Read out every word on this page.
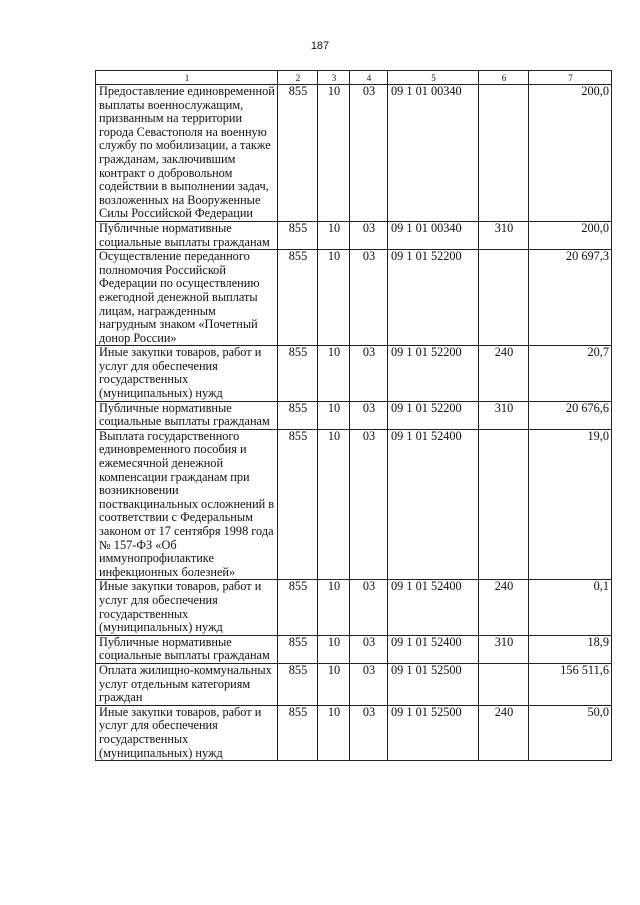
187
1	2	3	4	5	6	7
Предоставление единовременной выплаты военнослужащим, призванным на территории города Севастополя на военную службу по мобилизации, а также гражданам, заключившим контракт о добровольном содействии в выполнении задач, возложенных на Вооруженные Силы Российской Федерации	855	10	03	09 1 01 00340		200,0
Публичные нормативные социальные выплаты гражданам	855	10	03	09 1 01 00340	310	200,0
Осуществление переданного полномочия Российской Федерации по осуществлению ежегодной денежной выплаты лицам, награжденным нагрудным знаком «Почетный донор России»	855	10	03	09 1 01 52200		20 697,3
Иные закупки товаров, работ и услуг для обеспечения государственных (муниципальных) нужд	855	10	03	09 1 01 52200	240	20,7
Публичные нормативные социальные выплаты гражданам	855	10	03	09 1 01 52200	310	20 676,6
Выплата государственного единовременного пособия и ежемесячной денежной компенсации гражданам при возникновении поствакцинальных осложнений в соответствии с Федеральным законом от 17 сентября 1998 года № 157-ФЗ «Об иммунопрофилактике инфекционных болезней»	855	10	03	09 1 01 52400		19,0
Иные закупки товаров, работ и услуг для обеспечения государственных (муниципальных) нужд	855	10	03	09 1 01 52400	240	0,1
Публичные нормативные социальные выплаты гражданам	855	10	03	09 1 01 52400	310	18,9
Оплата жилищно-коммунальных услуг отдельным категориям граждан	855	10	03	09 1 01 52500		156 511,6
Иные закупки товаров, работ и услуг для обеспечения государственных (муниципальных) нужд	855	10	03	09 1 01 52500	240	50,0
